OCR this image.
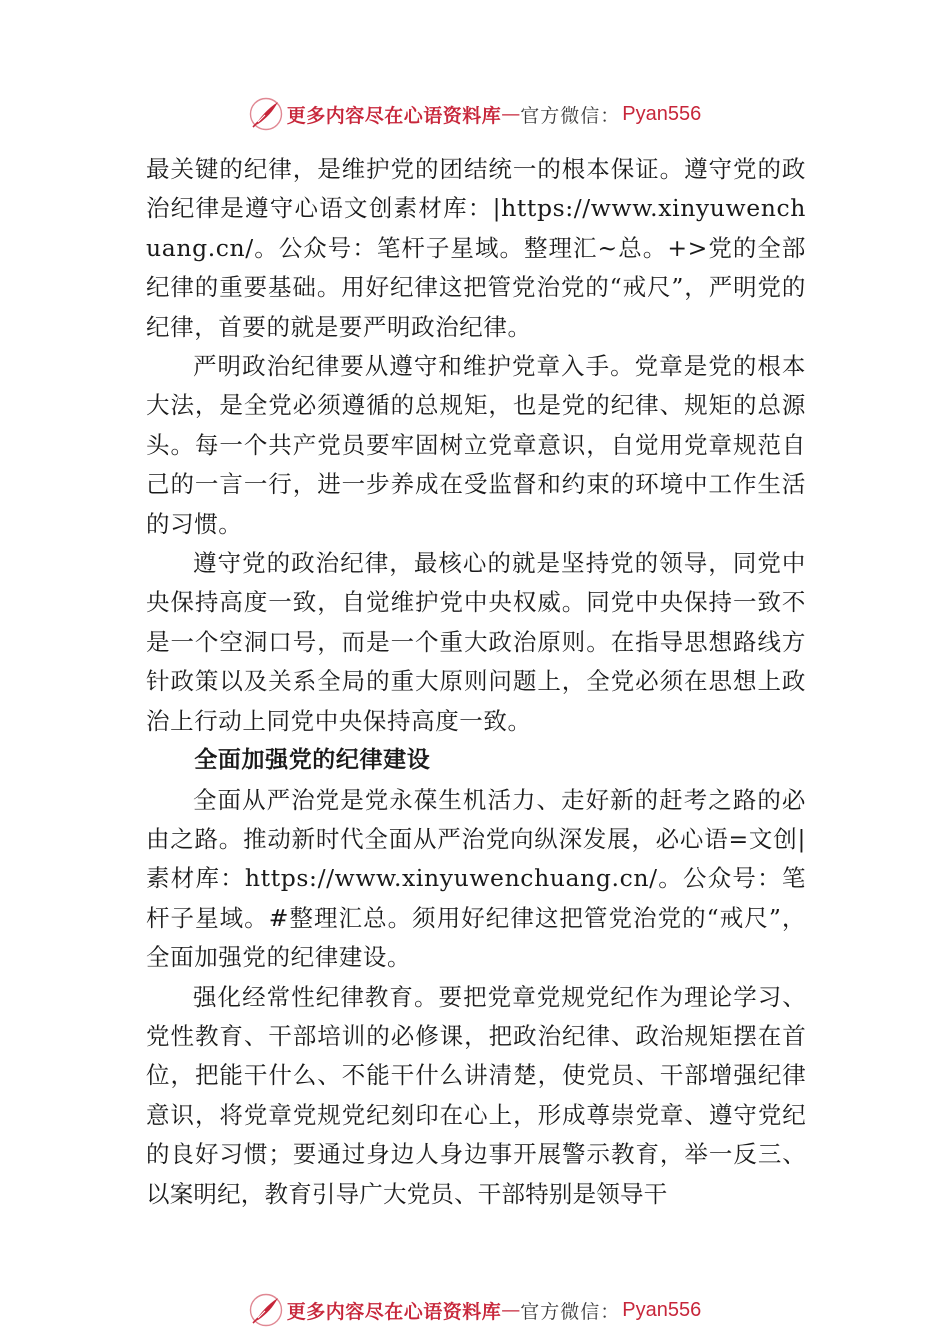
更多内容尽在心语资料库 — 官方微信： Pyan556

最关键的纪律，是维护党的团结统一的根本保证。遵守党的政治纪律是遵守心语文创素材库：|https://www.xinyuwenchuang.cn/。公众号：笔杆子星域。整理汇~总。+>党的全部纪律的重要基础。用好纪律这把管党治党的“戒尺”，严明党的纪律，首要的就是要严明政治纪律。

严明政治纪律要从遵守和维护党章入手。党章是党的根本大法，是全党必须遵循的总规矩，也是党的纪律、规矩的总源头。每一个共产党员要牢固树立党章意识，自觉用党章规范自己的一言一行，进一步养成在受监督和约束的环境中工作生活的习惯。

遵守党的政治纪律，最核心的就是坚持党的领导，同党中央保持高度一致，自觉维护党中央权威。同党中央保持一致不是一个空洞口号，而是一个重大政治原则。在指导思想路线方针政策以及关系全局的重大原则问题上，全党必须在思想上政治上行动上同党中央保持高度一致。

全面加强党的纪律建设

全面从严治党是党永葆生机活力、走好新的赶考之路的必由之路。推动新时代全面从严治党向纵深发展，必心语=文创|素材库：https://www.xinyuwenchuang.cn/。公众号：笔杆子星域。#整理汇总。须用好纪律这把管党治党的“戒尺”，全面加强党的纪律建设。

强化经常性纪律教育。要把党章党规党纪作为理论学习、党性教育、干部培训的必修课，把政治纪律、政治规矩摆在首位，把能干什么、不能干什么讲清楚，使党员、干部增强纪律意识，将党章党规党纪刻印在心上，形成尊崇党章、遵守党纪的良好习惯；要通过身边人身边事开展警示教育，举一反三、以案明纪，教育引导广大党员、干部特别是领导干

更多内容尽在心语资料库 — 官方微信： Pyan556
